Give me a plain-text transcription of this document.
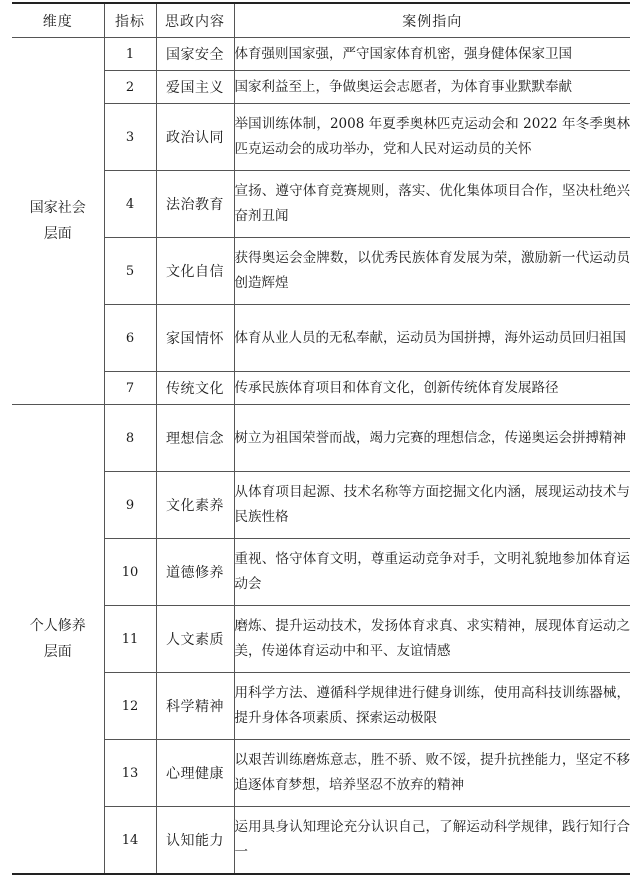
维度	指标	思政内容	案例指向

国家社会
层面	1	国家安全	体育强则国家强，严守国家体育机密，强身健体保家卫国
	2	爱国主义	国家利益至上，争做奥运会志愿者，为体育事业默默奉献
	3	政治认同	举国训练体制，2008 年夏季奥林匹克运动会和 2022 年冬季奥林匹克运动会的成功举办，党和人民对运动员的关怀
	4	法治教育	宣扬、遵守体育竞赛规则，落实、优化集体项目合作，坚决杜绝兴奋剂丑闻
	5	文化自信	获得奥运会金牌数，以优秀民族体育发展为荣，激励新一代运动员创造辉煌
	6	家国情怀	体育从业人员的无私奉献，运动员为国拼搏，海外运动员回归祖国
	7	传统文化	传承民族体育项目和体育文化，创新传统体育发展路径

个人修养
层面	8	理想信念	树立为祖国荣誉而战，竭力完赛的理想信念，传递奥运会拼搏精神
	9	文化素养	从体育项目起源、技术名称等方面挖掘文化内涵，展现运动技术与民族性格
	10	道德修养	重视、恪守体育文明，尊重运动竞争对手，文明礼貌地参加体育运动会
	11	人文素质	磨炼、提升运动技术，发扬体育求真、求实精神，展现体育运动之美，传递体育运动中和平、友谊情感
	12	科学精神	用科学方法、遵循科学规律进行健身训练，使用高科技训练器械，提升身体各项素质、探索运动极限
	13	心理健康	以艰苦训练磨炼意志，胜不骄、败不馁，提升抗挫能力，坚定不移追逐体育梦想，培养坚忍不放弃的精神
	14	认知能力	运用具身认知理论充分认识自己，了解运动科学规律，践行知行合一
